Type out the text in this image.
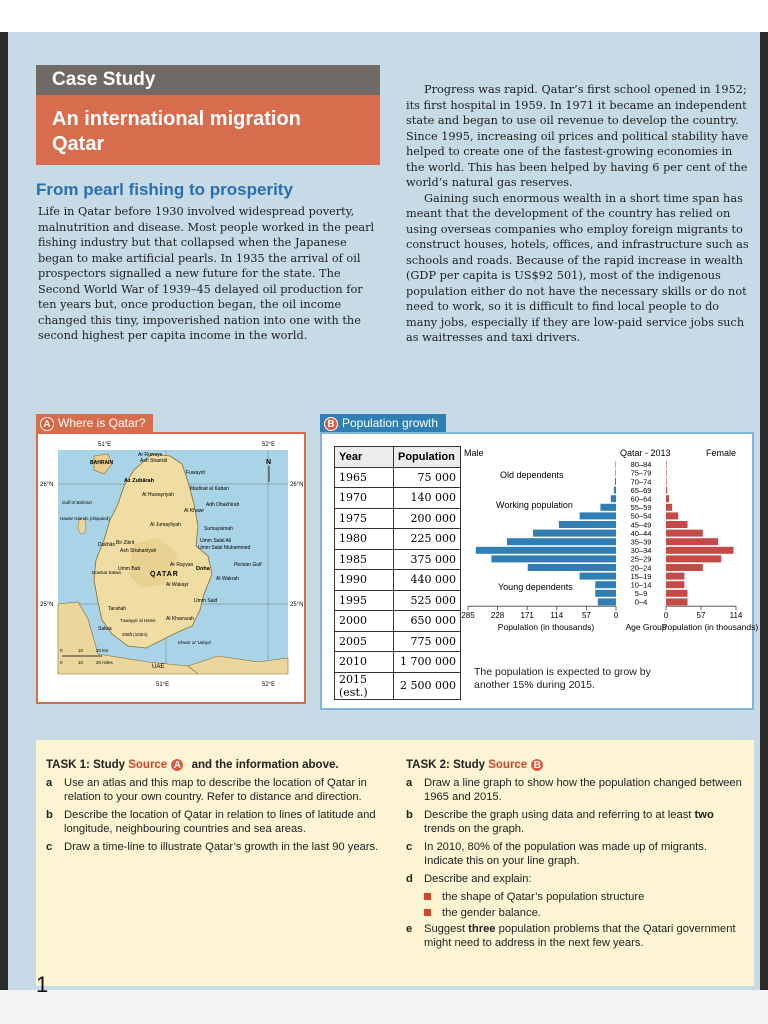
Case Study
An international migration
Qatar
From pearl fishing to prosperity
Life in Qatar before 1930 involved widespread poverty, malnutrition and disease. Most people worked in the pearl fishing industry but that collapsed when the Japanese began to make artificial pearls. In 1935 the arrival of oil prospectors signalled a new future for the state. The Second World War of 1939–45 delayed oil production for ten years but, once production began, the oil income changed this tiny, impoverished nation into one with the second highest per capita income in the world.

Progress was rapid. Qatar’s first school opened in 1952; its first hospital in 1959. In 1971 it became an independent state and began to use oil revenue to develop the country. Since 1995, increasing oil prices and political stability have helped to create one of the fastest-growing economies in the world. This has been helped by having 6 per cent of the world’s natural gas reserves.

Gaining such enormous wealth in a short time span has meant that the development of the country has relied on using overseas companies who employ foreign migrants to construct houses, hotels, offices, and infrastructure such as schools and roads. Because of the rapid increase in wealth (GDP per capita is US$92 501), most of the indigenous population either do not have the necessary skills or do not need to work, so it is difficult to find local people to do many jobs, especially if they are low-paid service jobs such as waitresses and taxi drivers.

A Where is Qatar?
51°E	52°E
51°E	52°E
26°N	26°N
25°N	25°N
Ar Ruways
Ash Shamāl
BAHRAIN
Fuwayrit
Az Zubārah
Madinat al Kaban
Al Huwayriyah
Adh Dhakhīrah
Al Khawr
Gulf of Bahrain
Hawar Islands (disputed)
Al Jumayliyah
Sumaysimah
Umm Salal Ali
Umm Salal Muhammed
Dukhān Bir Zikrit
Ash Shahaniyah
Ar Rayyan
Doha
Persian Gulf
QATAR
Umm Bab
Al Wakrah
Dowhat Salwa
Al Wukayr
Umm Said
Tarahah
Al Kharrarah
Tuwayyir al Hamir
338ft (103m)
Salwa
Khwor al 'Udayd
UAE
N
0	10	20 km
0	10	20 miles
B Population growth
Year	Population
1965	75 000
1970	140 000
1975	200 000
1980	225 000
1985	375 000
1990	440 000
1995	525 000
2000	650 000
2005	775 000
2010	1 700 000
2015 (est.)	2 500 000
Male	Qatar - 2013	Female
Old dependents
Working population
Young dependents
80–84
75–79
70–74
65–69
60–64
55–59
50–54
45–49
40–44
35–39
30–34
25–29
20–24
15–19
10–14
5–9
0–4
285 228 171 114 57	0	0	57	114
Population (in thousands)	Age Group
Population (in thousands)
The population is expected to grow by another 15% during 2015.
TASK 1: Study Source A and the information above.
a Use an atlas and this map to describe the location of Qatar in relation to your own country. Refer to distance and direction.
b Describe the location of Qatar in relation to lines of latitude and longitude, neighbouring countries and sea areas.
c Draw a time-line to illustrate Qatar’s growth in the last 90 years.
TASK 2: Study Source B
a Draw a line graph to show how the population changed between 1965 and 2015.
b Describe the graph using data and referring to at least two trends on the graph.
c In 2010, 80% of the population was made up of migrants. Indicate this on your line graph.
d Describe and explain:
the shape of Qatar’s population structure
the gender balance.
e Suggest three population problems that the Qatari government might need to address in the next few years.
1
